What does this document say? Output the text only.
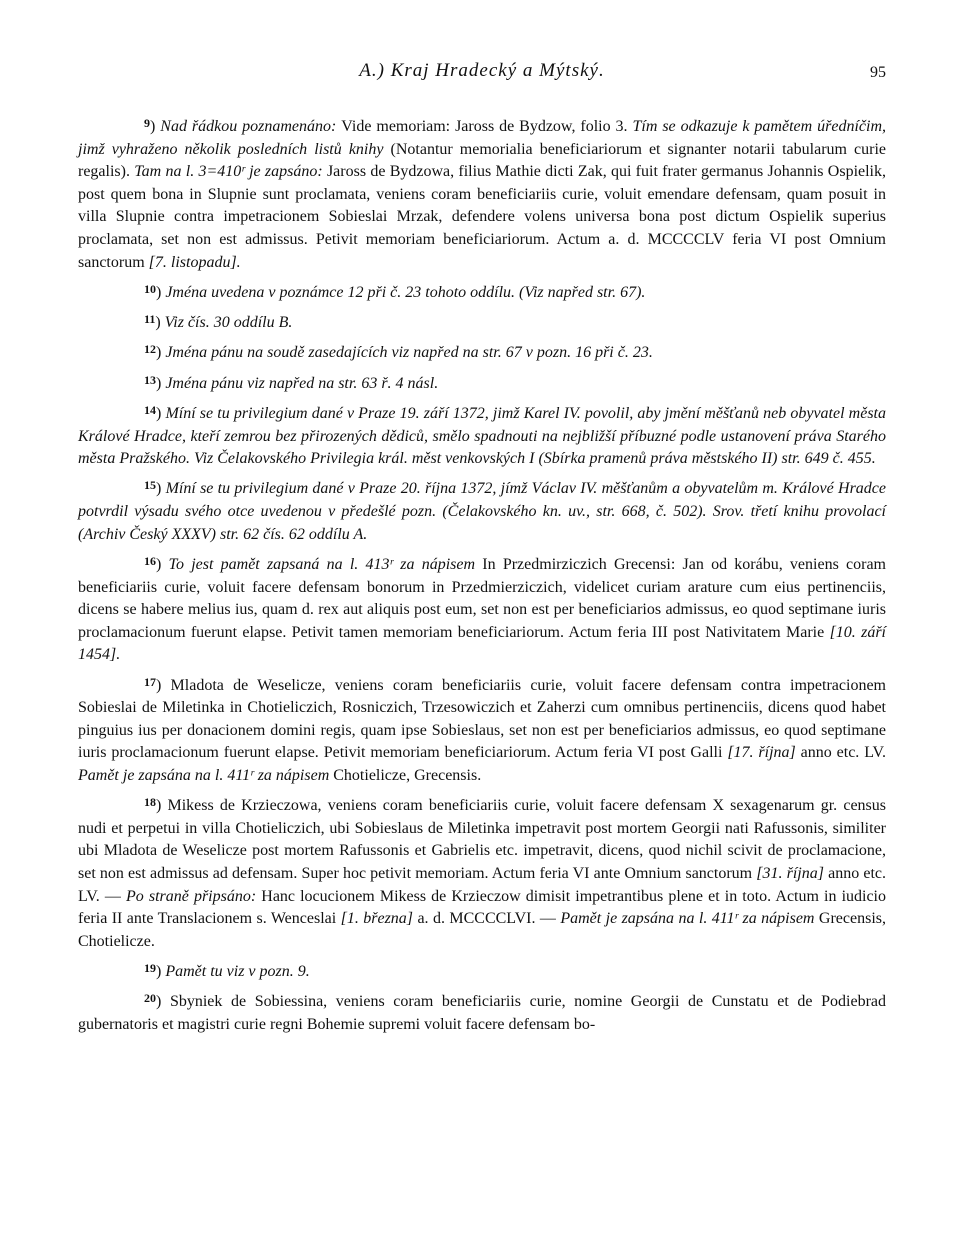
A.) Kraj Hradecký a Mýtský.	95

$^9$) Nad řádkou poznamenáno: Vide memoriam: Jaross de Bydzow, folio 3. Tím se odkazuje k pamětem úředníčim, jimž vyhraženo několik posledních listů knihy (Notantur memorialia beneficiariorum et signanter notarii tabularum curie regalis). Tam na l. 3=410ʳ je zapsáno: Jaross de Bydzowa, filius Mathie dicti Zak, qui fuit frater germanus Johannis Ospielik, post quem bona in Slupnie sunt proclamata, veniens coram beneficiariis curie, voluit emendare defensam, quam posuit in villa Slupnie contra impetracionem Sobieslai Mrzak, defendere volens universa bona post dictum Ospielik superius proclamata, set non est admissus. Petivit memoriam beneficiariorum. Actum a. d. MCCCCLV feria VI post Omnium sanctorum [7. listopadu].

$^{10}$) Jména uvedena v poznámce 12 při č. 23 tohoto oddílu. (Viz napřed str. 67).

$^{11}$) Viz čís. 30 oddílu B.

$^{12}$) Jména pánu na soudě zasedajících viz napřed na str. 67 v pozn. 16 při č. 23.

$^{13}$) Jména pánu viz napřed na str. 63 ř. 4 násl.

$^{14}$) Míní se tu privilegium dané v Praze 19. září 1372, jimž Karel IV. povolil, aby jmění měšťanů neb obyvatel města Králové Hradce, kteří zemrou bez přirozených dědiců, smělo spadnouti na nejbližší příbuzné podle ustanovení práva Starého města Pražského. Viz Čelakovského Privilegia král. měst venkovských I (Sbírka pramenů práva městského II) str. 649 č. 455.

$^{15}$) Míní se tu privilegium dané v Praze 20. října 1372, jímž Václav IV. měšťanům a obyvatelům m. Králové Hradce potvrdil výsadu svého otce uvedenou v předešlé pozn. (Čelakovského kn. uv., str. 668, č. 502). Srov. třetí knihu provolací (Archiv Český XXXV) str. 62 čís. 62 oddílu A.

$^{16}$) To jest pamět zapsaná na l. 413ʳ za nápisem In Przedmirziczich Grecensi: Jan od korábu, veniens coram beneficiariis curie, voluit facere defensam bonorum in Przedmierziczich, videlicet curiam arature cum eius pertinenciis, dicens se habere melius ius, quam d. rex aut aliquis post eum, set non est per beneficiarios admissus, eo quod septimane iuris proclamacionum fuerunt elapse. Petivit tamen memoriam beneficiariorum. Actum feria III post Nativitatem Marie [10. září 1454].

$^{17}$) Mladota de Weselicze, veniens coram beneficiariis curie, voluit facere defensam contra impetracionem Sobieslai de Miletinka in Chotieliczich, Rosniczich, Trzesowiczich et Zaherzi cum omnibus pertinenciis, dicens quod habet pinguius ius per donacionem domini regis, quam ipse Sobieslaus, set non est per beneficiarios admissus, eo quod septimane iuris proclamacionum fuerunt elapse. Petivit memoriam beneficiariorum. Actum feria VI post Galli [17. října] anno etc. LV. Pamět je zapsána na l. 411ʳ za nápisem Chotielicze, Grecensis.

$^{18}$) Mikess de Krzieczowa, veniens coram beneficiariis curie, voluit facere defensam X sexagenarum gr. census nudi et perpetui in villa Chotieliczich, ubi Sobieslaus de Miletinka impetravit post mortem Georgii nati Rafussonis, similiter ubi Mladota de Weselicze post mortem Rafussonis et Gabrielis etc. impetravit, dicens, quod nichil scivit de proclamacione, set non est admissus ad defensam. Super hoc petivit memoriam. Actum feria VI ante Omnium sanctorum [31. října] anno etc. LV. — Po straně připsáno: Hanc locucionem Mikess de Krzieczow dimisit impetrantibus plene et in toto. Actum in iudicio feria II ante Translacionem s. Wenceslai [1. března] a. d. MCCCCLVI. — Pamět je zapsána na l. 411ʳ za nápisem Grecensis, Chotielicze.

$^{19}$) Pamět tu viz v pozn. 9.

$^{20}$) Sbyniek de Sobiessina, veniens coram beneficiariis curie, nomine Georgii de Cunstatu et de Podiebrad gubernatoris et magistri curie regni Bohemie supremi voluit facere defensam bo-
